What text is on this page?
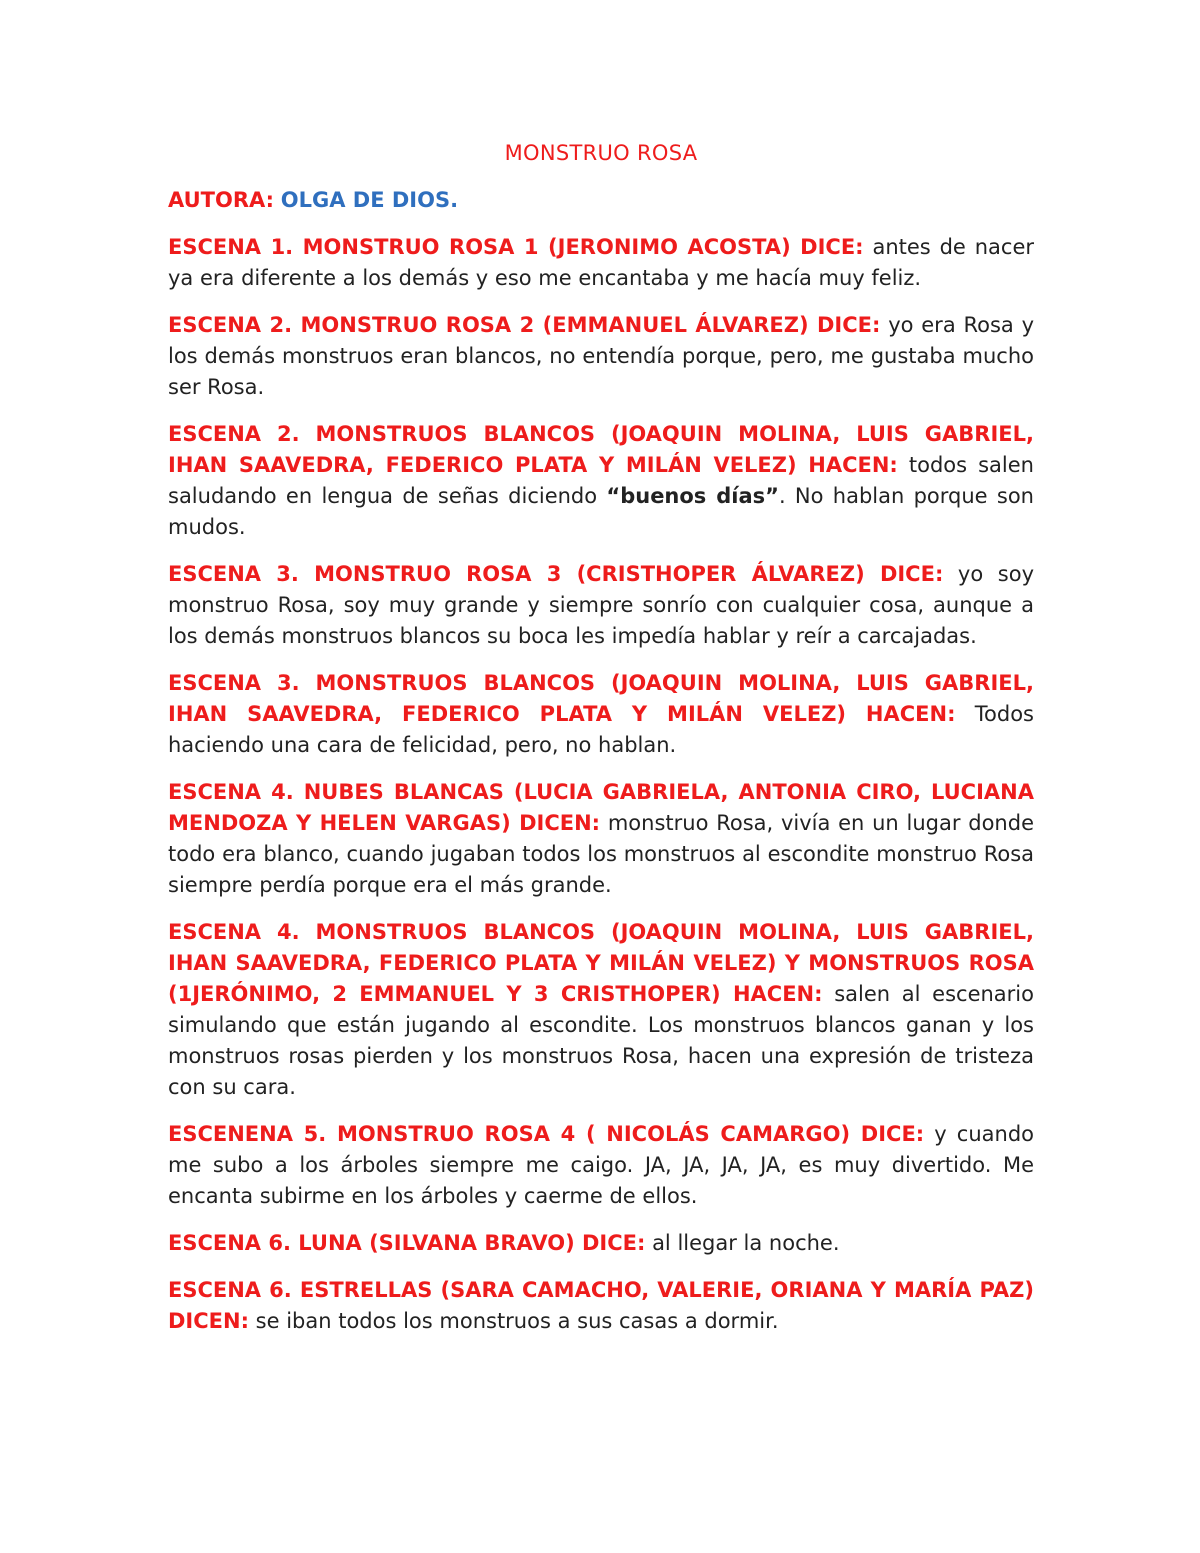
MONSTRUO ROSA

AUTORA: OLGA DE DIOS.

ESCENA 1. MONSTRUO ROSA 1 (JERONIMO ACOSTA) DICE: antes de nacer ya era diferente a los demás y eso me encantaba y me hacía muy feliz.

ESCENA 2. MONSTRUO ROSA 2 (EMMANUEL ÁLVAREZ) DICE: yo era Rosa y los demás monstruos eran blancos, no entendía porque, pero, me gustaba mucho ser Rosa.

ESCENA 2. MONSTRUOS BLANCOS (JOAQUIN MOLINA, LUIS GABRIEL, IHAN SAAVEDRA, FEDERICO PLATA Y MILÁN VELEZ) HACEN: todos salen saludando en lengua de señas diciendo “buenos días”. No hablan porque son mudos.

ESCENA 3. MONSTRUO ROSA 3 (CRISTHOPER ÁLVAREZ) DICE: yo soy monstruo Rosa, soy muy grande y siempre sonrío con cualquier cosa, aunque a los demás monstruos blancos su boca les impedía hablar y reír a carcajadas.

ESCENA 3. MONSTRUOS BLANCOS (JOAQUIN MOLINA, LUIS GABRIEL, IHAN SAAVEDRA, FEDERICO PLATA Y MILÁN VELEZ) HACEN: Todos haciendo una cara de felicidad, pero, no hablan.

ESCENA 4. NUBES BLANCAS (LUCIA GABRIELA, ANTONIA CIRO, LUCIANA MENDOZA Y HELEN VARGAS) DICEN: monstruo Rosa, vivía en un lugar donde todo era blanco, cuando jugaban todos los monstruos al escondite monstruo Rosa siempre perdía porque era el más grande.

ESCENA 4. MONSTRUOS BLANCOS (JOAQUIN MOLINA, LUIS GABRIEL, IHAN SAAVEDRA, FEDERICO PLATA Y MILÁN VELEZ) Y MONSTRUOS ROSA (1JERÓNIMO, 2 EMMANUEL Y 3 CRISTHOPER) HACEN: salen al escenario simulando que están jugando al escondite. Los monstruos blancos ganan y los monstruos rosas pierden y los monstruos Rosa, hacen una expresión de tristeza con su cara.

ESCENENA 5. MONSTRUO ROSA 4 ( NICOLÁS CAMARGO) DICE: y cuando me subo a los árboles siempre me caigo. JA, JA, JA, JA, es muy divertido. Me encanta subirme en los árboles y caerme de ellos.

ESCENA 6. LUNA (SILVANA BRAVO) DICE: al llegar la noche.

ESCENA 6. ESTRELLAS (SARA CAMACHO, VALERIE, ORIANA Y MARÍA PAZ) DICEN: se iban todos los monstruos a sus casas a dormir.
